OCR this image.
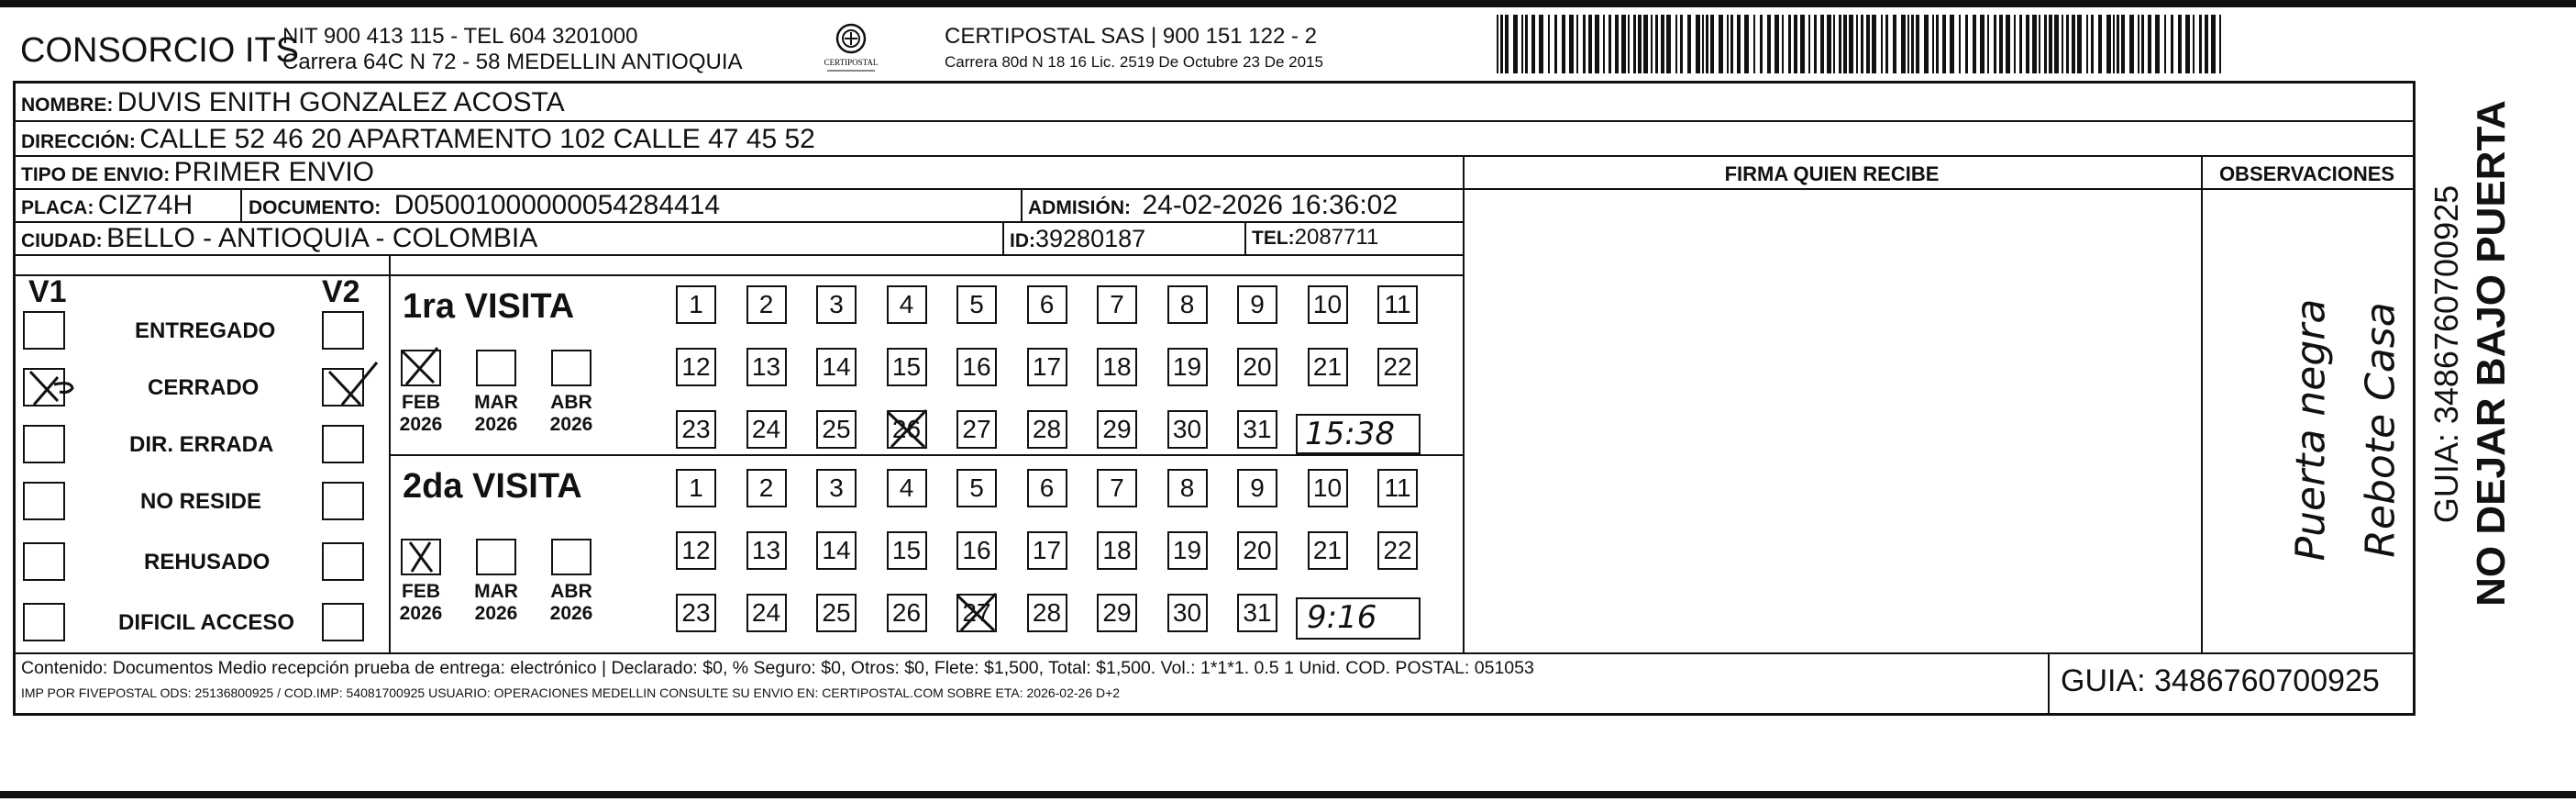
CONSORCIO ITS
NIT 900 413 115 - TEL 604 3201000
Carrera 64C N 72 - 58 MEDELLIN ANTIOQUIA	CERTIPOSTAL
CERTIPOSTAL SAS | 900 151 122 - 2
Carrera 80d N 18 16 Lic. 2519 De Octubre 23 De 2015
NOMBRE: DUVIS ENITH GONZALEZ ACOSTA
DIRECCIÓN: CALLE 52 46 20 APARTAMENTO 102 CALLE 47 45 52
TIPO DE ENVIO: PRIMER ENVIO	FIRMA QUIEN RECIBE	OBSERVACIONES
PLACA: CIZ74H	DOCUMENTO: D05001000000054284414	ADMISIÓN: 24-02-2026 16:36:02
CIUDAD: BELLO - ANTIOQUIA - COLOMBIA	ID:39280187	TEL:2087711
V1	V2
ENTREGADO
CERRADO
DIR. ERRADA
NO RESIDE
REHUSADO
DIFICIL ACCESO
1ra VISITA
FEB
2026
MAR
2026
ABR
2026
1	2	3	4	5	6	7	8	9	10 11
12 13 14 15 16 17 18 19 20 21 22
23 24 25 26 27 28 29 30 31 15:38
2da VISITA
FEB
2026
MAR
2026
ABR
2026
1	2	3	4	5	6	7	8	9	10 11
12 13 14 15 16 17 18 19 20 21 22
23 24 25 26 27 28 29 30 31 9:16
Puerta negra Rebote Casa
Contenido: Documentos Medio recepción prueba de entrega: electrónico | Declarado: $0, % Seguro: $0, Otros: $0, Flete: $1,500, Total: $1,500. Vol.: 1*1*1. 0.5 1 Unid. COD. POSTAL: 051053
IMP POR FIVEPOSTAL ODS: 25136800925 / COD.IMP: 54081700925 USUARIO: OPERACIONES MEDELLIN CONSULTE SU ENVIO EN: CERTIPOSTAL.COM SOBRE ETA: 2026-02-26 D+2	GUIA: 3486760700925
NO DEJAR BAJO PUERTA
GUIA: 3486760700925
